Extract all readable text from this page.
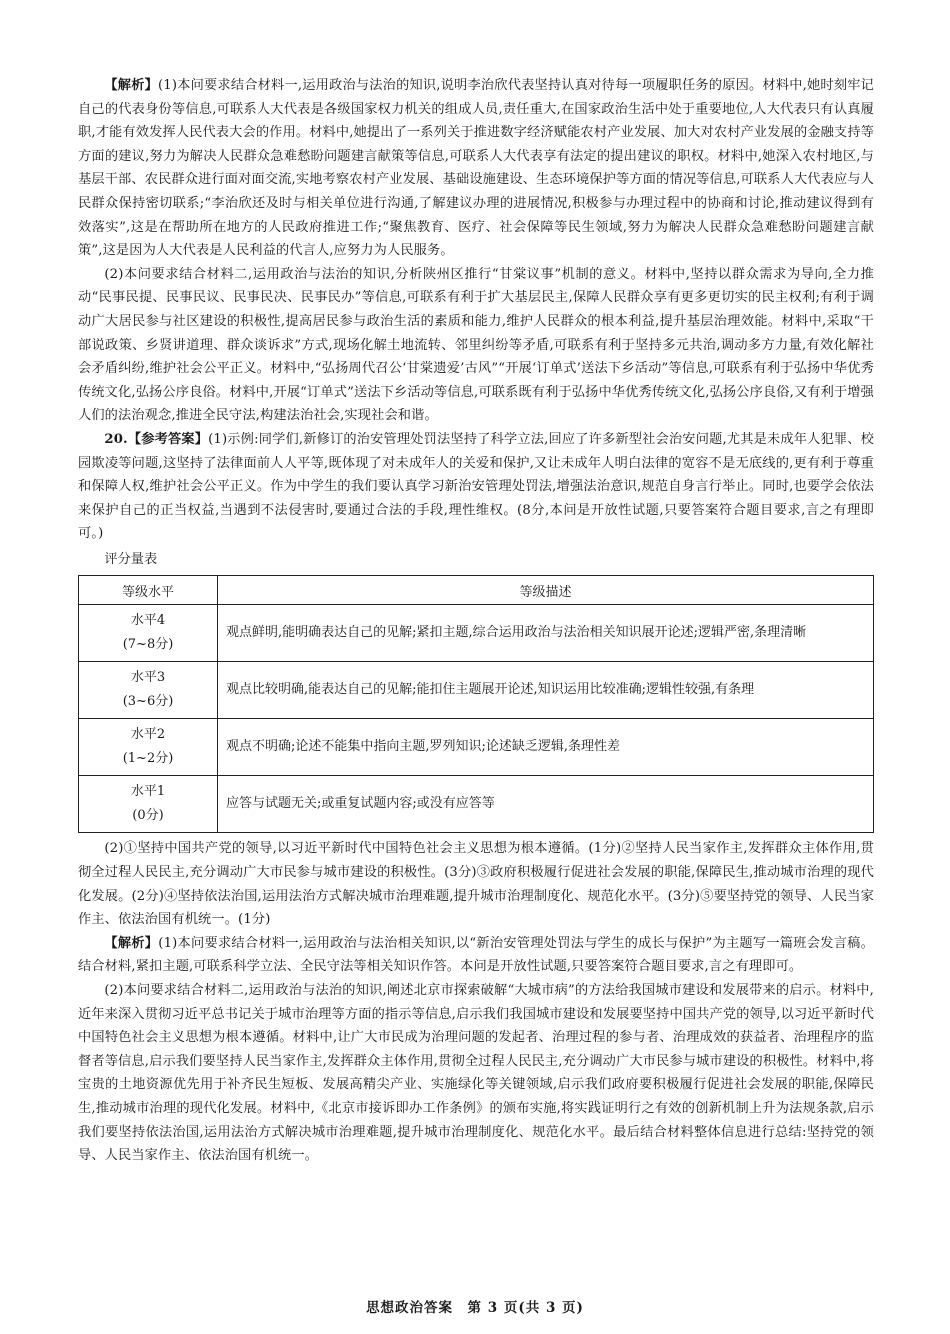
【解析】(1)本问要求结合材料一,运用政治与法治的知识,说明李治欣代表坚持认真对待每一项履职任务的原因。材料中,她时刻牢记自己的代表身份等信息,可联系人大代表是各级国家权力机关的组成人员,责任重大,在国家政治生活中处于重要地位,人大代表只有认真履职,才能有效发挥人民代表大会的作用。材料中,她提出了一系列关于推进数字经济赋能农村产业发展、加大对农村产业发展的金融支持等方面的建议,努力为解决人民群众急难愁盼问题建言献策等信息,可联系人大代表享有法定的提出建议的职权。材料中,她深入农村地区,与基层干部、农民群众进行面对面交流,实地考察农村产业发展、基础设施建设、生态环境保护等方面的情况等信息,可联系人大代表应与人民群众保持密切联系;“李治欣还及时与相关单位进行沟通,了解建议办理的进展情况,积极参与办理过程中的协商和讨论,推动建议得到有效落实”,这是在帮助所在地方的人民政府推进工作;“聚焦教育、医疗、社会保障等民生领域,努力为解决人民群众急难愁盼问题建言献策”,这是因为人大代表是人民利益的代言人,应努力为人民服务。

(2)本问要求结合材料二,运用政治与法治的知识,分析陕州区推行“甘棠议事”机制的意义。材料中,坚持以群众需求为导向,全力推动“民事民提、民事民议、民事民决、民事民办”等信息,可联系有利于扩大基层民主,保障人民群众享有更多更切实的民主权利;有利于调动广大居民参与社区建设的积极性,提高居民参与政治生活的素质和能力,维护人民群众的根本利益,提升基层治理效能。材料中,采取“干部说政策、乡贤讲道理、群众谈诉求”方式,现场化解土地流转、邻里纠纷等矛盾,可联系有利于坚持多元共治,调动多方力量,有效化解社会矛盾纠纷,维护社会公平正义。材料中,“弘扬周代召公‘甘棠遗爱’古风”“开展‘订单式’送法下乡活动”等信息,可联系有利于弘扬中华优秀传统文化,弘扬公序良俗。材料中,开展“订单式”送法下乡活动等信息,可联系既有利于弘扬中华优秀传统文化,弘扬公序良俗,又有利于增强人们的法治观念,推进全民守法,构建法治社会,实现社会和谐。

20.【参考答案】(1)示例:同学们,新修订的治安管理处罚法坚持了科学立法,回应了许多新型社会治安问题,尤其是未成年人犯罪、校园欺凌等问题,这坚持了法律面前人人平等,既体现了对未成年人的关爱和保护,又让未成年人明白法律的宽容不是无底线的,更有利于尊重和保障人权,维护社会公平正义。作为中学生的我们要认真学习新治安管理处罚法,增强法治意识,规范自身言行举止。同时,也要学会依法来保护自己的正当权益,当遇到不法侵害时,要通过合法的手段,理性维权。(8分,本问是开放性试题,只要答案符合题目要求,言之有理即可。)

评分量表

等级水平	等级描述

水平4
(7~8分)	观点鲜明,能明确表达自己的见解;紧扣主题,综合运用政治与法治相关知识展开论述;逻辑严密,条理清晰

水平3
(3~6分)	观点比较明确,能表达自己的见解;能扣住主题展开论述,知识运用比较准确;逻辑性较强,有条理

水平2
(1~2分)	观点不明确;论述不能集中指向主题,罗列知识;论述缺乏逻辑,条理性差

水平1
(0分)	应答与试题无关;或重复试题内容;或没有应答等

(2)①坚持中国共产党的领导,以习近平新时代中国特色社会主义思想为根本遵循。(1分)②坚持人民当家作主,发挥群众主体作用,贯彻全过程人民民主,充分调动广大市民参与城市建设的积极性。(3分)③政府积极履行促进社会发展的职能,保障民生,推动城市治理的现代化发展。(2分)④坚持依法治国,运用法治方式解决城市治理难题,提升城市治理制度化、规范化水平。(3分)⑤要坚持党的领导、人民当家作主、依法治国有机统一。(1分)

【解析】(1)本问要求结合材料一,运用政治与法治相关知识,以“新治安管理处罚法与学生的成长与保护”为主题写一篇班会发言稿。结合材料,紧扣主题,可联系科学立法、全民守法等相关知识作答。本问是开放性试题,只要答案符合题目要求,言之有理即可。

(2)本问要求结合材料二,运用政治与法治的知识,阐述北京市探索破解“大城市病”的方法给我国城市建设和发展带来的启示。材料中,近年来深入贯彻习近平总书记关于城市治理等方面的指示等信息,启示我们我国城市建设和发展要坚持中国共产党的领导,以习近平新时代中国特色社会主义思想为根本遵循。材料中,让广大市民成为治理问题的发起者、治理过程的参与者、治理成效的获益者、治理程序的监督者等信息,启示我们要坚持人民当家作主,发挥群众主体作用,贯彻全过程人民民主,充分调动广大市民参与城市建设的积极性。材料中,将宝贵的土地资源优先用于补齐民生短板、发展高精尖产业、实施绿化等关键领域,启示我们政府要积极履行促进社会发展的职能,保障民生,推动城市治理的现代化发展。材料中,《北京市接诉即办工作条例》的颁布实施,将实践证明行之有效的创新机制上升为法规条款,启示我们要坚持依法治国,运用法治方式解决城市治理难题,提升城市治理制度化、规范化水平。最后结合材料整体信息进行总结:坚持党的领导、人民当家作主、依法治国有机统一。

思想政治答案　第 3 页(共 3 页)
